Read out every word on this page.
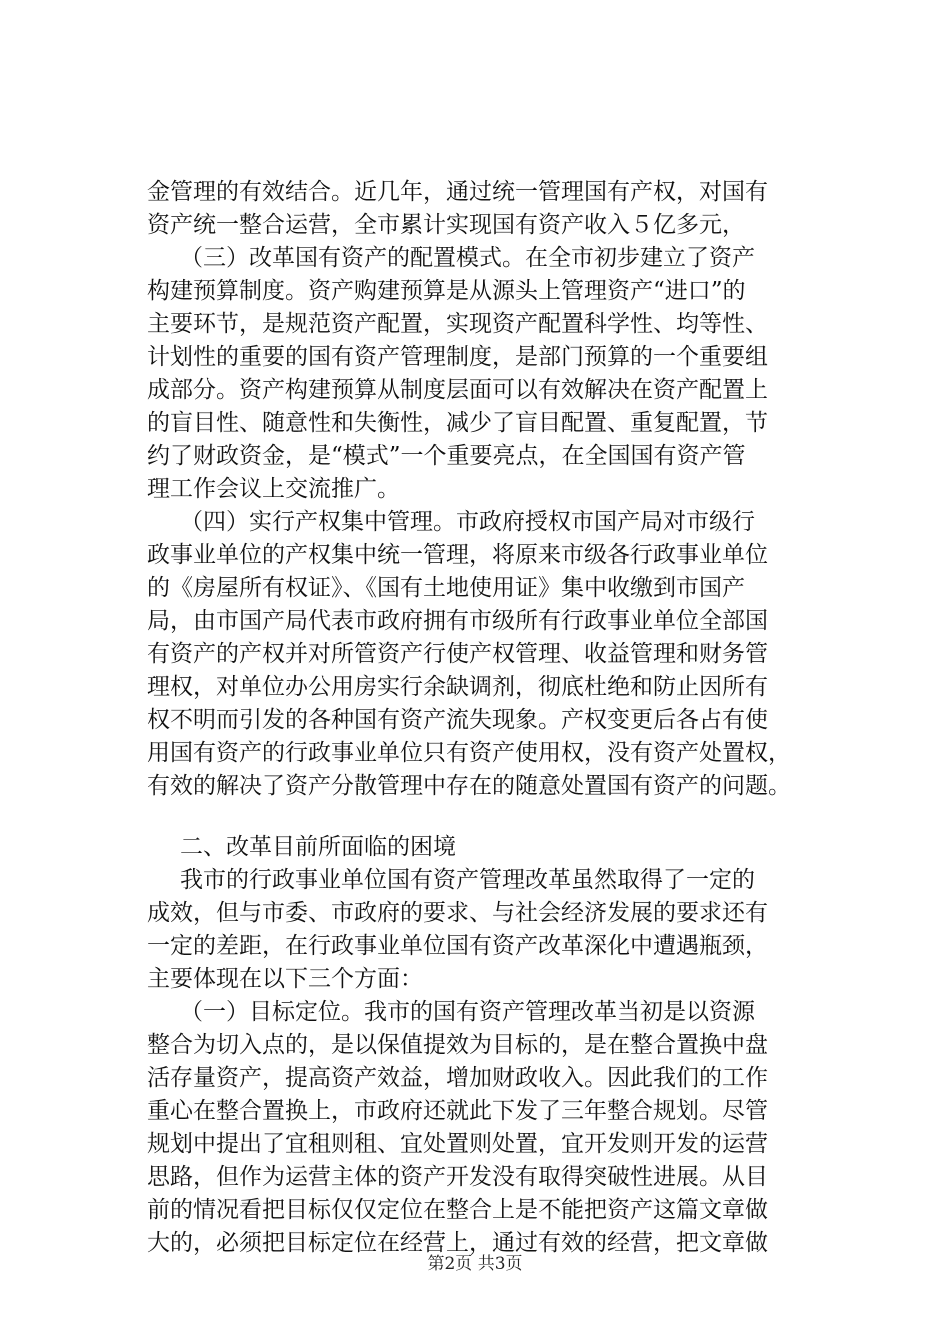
金管理的有效结合。近几年，通过统一管理国有产权，对国有
资产统一整合运营，全市累计实现国有资产收入５亿多元，
（三）改革国有资产的配置模式。在全市初步建立了资产
构建预算制度。资产购建预算是从源头上管理资产“进口”的
主要环节，是规范资产配置，实现资产配置科学性、均等性、
计划性的重要的国有资产管理制度，是部门预算的一个重要组
成部分。资产构建预算从制度层面可以有效解决在资产配置上
的盲目性、随意性和失衡性，减少了盲目配置、重复配置，节
约了财政资金，是“模式”一个重要亮点，在全国国有资产管
理工作会议上交流推广。
（四）实行产权集中管理。市政府授权市国产局对市级行
政事业单位的产权集中统一管理，将原来市级各行政事业单位
的《房屋所有权证》、《国有土地使用证》集中收缴到市国产
局，由市国产局代表市政府拥有市级所有行政事业单位全部国
有资产的产权并对所管资产行使产权管理、收益管理和财务管
理权，对单位办公用房实行余缺调剂，彻底杜绝和防止因所有
权不明而引发的各种国有资产流失现象。产权变更后各占有使
用国有资产的行政事业单位只有资产使用权，没有资产处置权，
有效的解决了资产分散管理中存在的随意处置国有资产的问题。
二、改革目前所面临的困境
我市的行政事业单位国有资产管理改革虽然取得了一定的
成效，但与市委、市政府的要求、与社会经济发展的要求还有
一定的差距，在行政事业单位国有资产改革深化中遭遇瓶颈，
主要体现在以下三个方面：
（一）目标定位。我市的国有资产管理改革当初是以资源
整合为切入点的，是以保值提效为目标的，是在整合置换中盘
活存量资产，提高资产效益，增加财政收入。因此我们的工作
重心在整合置换上，市政府还就此下发了三年整合规划。尽管
规划中提出了宜租则租、宜处置则处置，宜开发则开发的运营
思路，但作为运营主体的资产开发没有取得突破性进展。从目
前的情况看把目标仅仅定位在整合上是不能把资产这篇文章做
大的，必须把目标定位在经营上，通过有效的经营，把文章做
第2页 共3页
